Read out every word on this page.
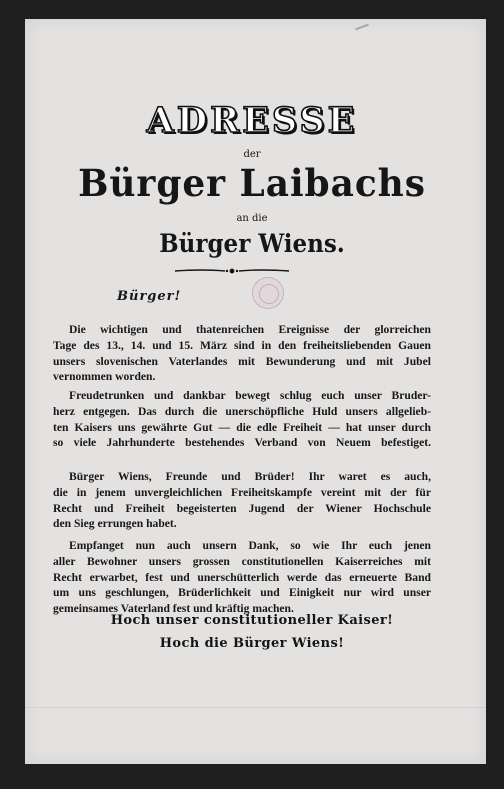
ADRESSE
der
Bürger Laibachs
an die
Bürger Wiens.
Bürger!
Die wichtigen und thatenreichen Ereignisse der glorreichen
Tage des 13., 14. und 15. März sind in den freiheitsliebenden Gauen
unsers slovenischen Vaterlandes mit Bewunderung und mit Jubel
vernommen worden.
Freudetrunken und dankbar bewegt schlug euch unser Bruder-
herz entgegen. Das durch die unerschöpfliche Huld unsers allgelieb-
ten Kaisers uns gewährte Gut — die edle Freiheit — hat unser durch
so viele Jahrhunderte bestehendes Verband von Neuem befestiget.
Bürger Wiens, Freunde und Brüder! Ihr waret es auch,
die in jenem unvergleichlichen Freiheitskampfe vereint mit der für
Recht und Freiheit begeisterten Jugend der Wiener Hochschule
den Sieg errungen habet.
Empfanget nun auch unsern Dank, so wie Ihr euch jenen
aller Bewohner unsers grossen constitutionellen Kaiserreiches mit
Recht erwarbet, fest und unerschütterlich werde das erneuerte Band
um uns geschlungen, Brüderlichkeit und Einigkeit nur wird unser
gemeinsames Vaterland fest und kräftig machen.
Hoch unser constitutioneller Kaiser!
Hoch die Bürger Wiens!
